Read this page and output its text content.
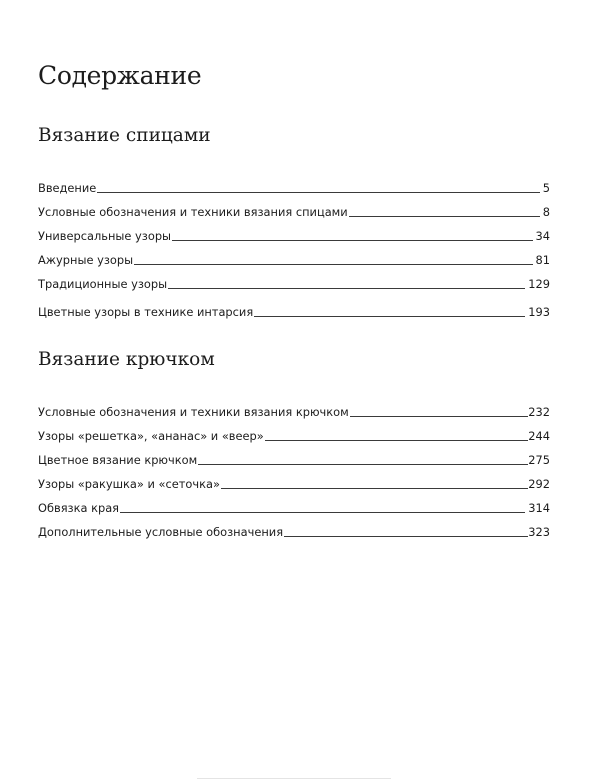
Содержание
Вязание спицами
Введение	5
Условные обозначения и техники вязания спицами	8
Универсальные узоры	34
Ажурные узоры	81
Традиционные узоры	129
Цветные узоры в технике интарсия	193
Вязание крючком
Условные обозначения и техники вязания крючком	232
Узоры «решетка», «ананас» и «веер»	244
Цветное вязание крючком	275
Узоры «ракушка» и «сеточка»	292
Обвязка края	314
Дополнительные условные обозначения	323
